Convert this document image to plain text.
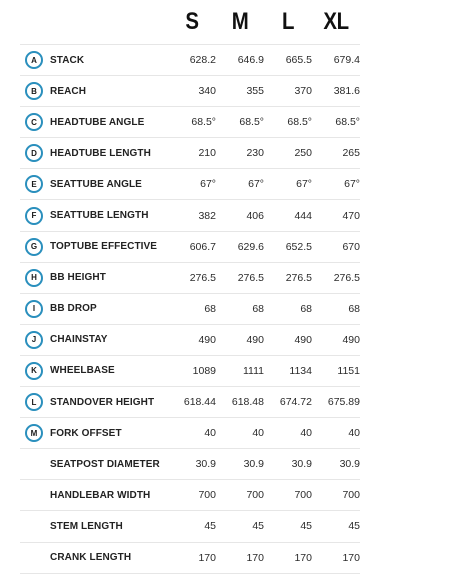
S	M	L	XL
A	STACK	628.2	646.9	665.5	679.4
B	REACH	340	355	370	381.6
C	HEADTUBE ANGLE	68.5°	68.5°	68.5°	68.5°
D	HEADTUBE LENGTH	210	230	250	265
E	SEATTUBE ANGLE	67°	67°	67°	67°
F	SEATTUBE LENGTH	382	406	444	470
G	TOPTUBE EFFECTIVE	606.7	629.6	652.5	670
H	BB HEIGHT	276.5	276.5	276.5	276.5
I	BB DROP	68	68	68	68
J	CHAINSTAY	490	490	490	490
K	WHEELBASE	1089	1111	1134	1151
L	STANDOVER HEIGHT	618.44	618.48	674.72	675.89
M	FORK OFFSET	40	40	40	40
SEATPOST DIAMETER	30.9	30.9	30.9	30.9
HANDLEBAR WIDTH	700	700	700	700
STEM LENGTH	45	45	45	45
CRANK LENGTH	170	170	170	170
